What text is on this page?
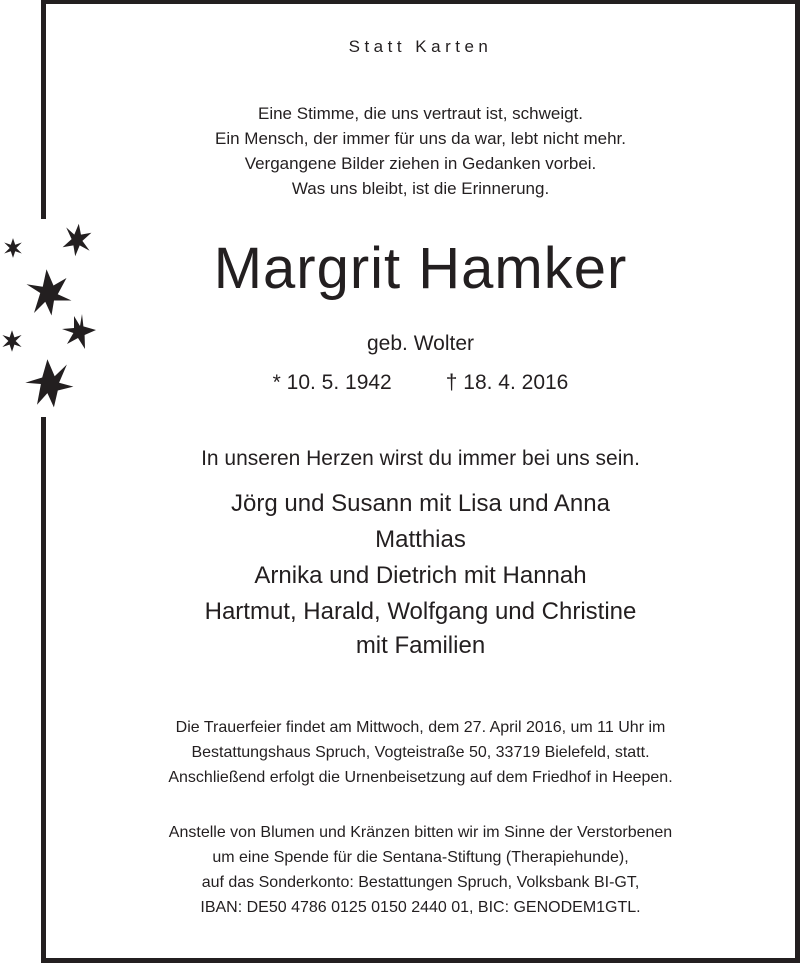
Statt Karten
Eine Stimme, die uns vertraut ist, schweigt.
Ein Mensch, der immer für uns da war, lebt nicht mehr.
Vergangene Bilder ziehen in Gedanken vorbei.
Was uns bleibt, ist die Erinnerung.
Margrit Hamker
geb. Wolter
* 10. 5. 1942	† 18. 4. 2016
In unseren Herzen wirst du immer bei uns sein.
Jörg und Susann mit Lisa und Anna
Matthias
Arnika und Dietrich mit Hannah
Hartmut, Harald, Wolfgang und Christine
mit Familien
Die Trauerfeier findet am Mittwoch, dem 27. April 2016, um 11 Uhr im
Bestattungshaus Spruch, Vogteistraße 50, 33719 Bielefeld, statt.
Anschließend erfolgt die Urnenbeisetzung auf dem Friedhof in Heepen.
Anstelle von Blumen und Kränzen bitten wir im Sinne der Verstorbenen
um eine Spende für die Sentana-Stiftung (Therapiehunde),
auf das Sonderkonto: Bestattungen Spruch, Volksbank BI-GT,
IBAN: DE50 4786 0125 0150 2440 01, BIC: GENODEM1GTL.
